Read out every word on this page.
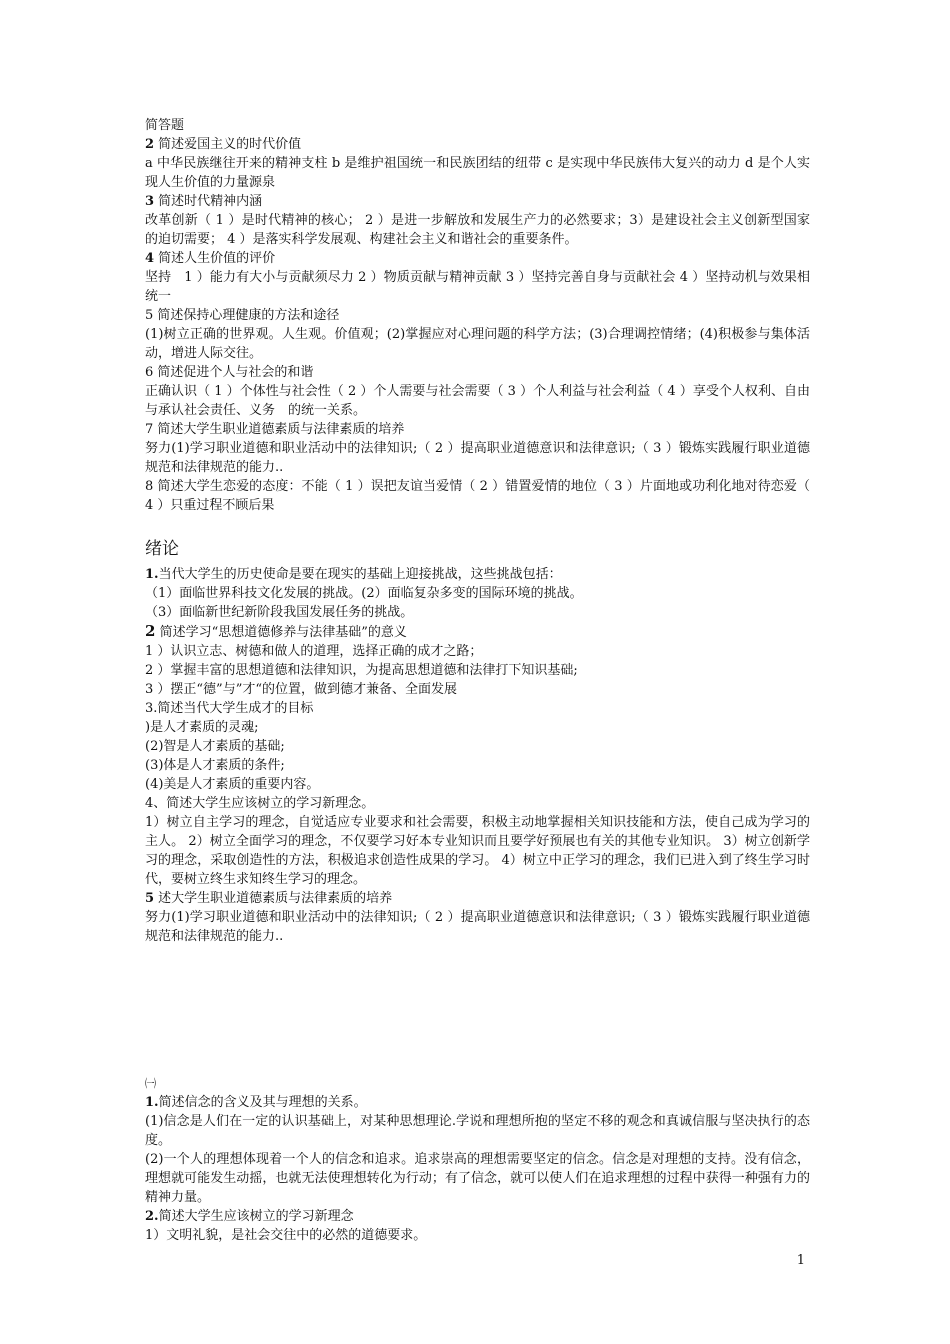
简答题
2 简述爱国主义的时代价值
a 中华民族继往开来的精神支柱 b 是维护祖国统一和民族团结的纽带 c 是实现中华民族伟大复兴的动力 d 是个人实现人生价值的力量源泉
3 简述时代精神内涵
改革创新（ 1 ）是时代精神的核心； 2 ）是进一步解放和发展生产力的必然要求；3）是建设社会主义创新型国家的迫切需要； 4 ）是落实科学发展观、构建社会主义和谐社会的重要条件。
4 简述人生价值的评价
坚持　1 ）能力有大小与贡献须尽力 2 ）物质贡献与精神贡献 3 ）坚持完善自身与贡献社会 4 ）坚持动机与效果相统一
5 简述保持心理健康的方法和途径
(1)树立正确的世界观。人生观。价值观；(2)掌握应对心理问题的科学方法；(3)合理调控情绪；(4)积极参与集体活动，增进人际交往。
6 简述促进个人与社会的和谐
正确认识（ 1 ）个体性与社会性（ 2 ）个人需要与社会需要（ 3 ）个人利益与社会利益（ 4 ）享受个人权利、自由与承认社会责任、义务　的统一关系。
7 简述大学生职业道德素质与法律素质的培养
努力(1)学习职业道德和职业活动中的法律知识;（ 2 ）提高职业道德意识和法律意识;（ 3 ）锻炼实践履行职业道德规范和法律规范的能力..
8 简述大学生恋爱的态度：不能（ 1 ）误把友谊当爱情（ 2 ）错置爱情的地位（ 3 ）片面地或功利化地对待恋爱（ 4 ）只重过程不顾后果
绪论
1.当代大学生的历史使命是要在现实的基础上迎接挑战，这些挑战包括：
（1）面临世界科技文化发展的挑战。(2）面临复杂多变的国际环境的挑战。
（3）面临新世纪新阶段我国发展任务的挑战。
2 简述学习“思想道德修养与法律基础”的意义
1 ）认识立志、树德和做人的道理，选择正确的成才之路；
2 ）掌握丰富的思想道德和法律知识，为提高思想道德和法律打下知识基础;
3 ）摆正“德”与”才“的位置，做到德才兼备、全面发展
3.简述当代大学生成才的目标
)是人才素质的灵魂;
(2)智是人才素质的基础;
(3)体是人才素质的条件;
(4)美是人才素质的重要内容。
4、简述大学生应该树立的学习新理念。
1）树立自主学习的理念，自觉适应专业要求和社会需要，积极主动地掌握相关知识技能和方法，使自己成为学习的主人。 2）树立全面学习的理念，不仅要学习好本专业知识而且要学好预展也有关的其他专业知识。 3）树立创新学习的理念，采取创造性的方法，积极追求创造性成果的学习。 4）树立中正学习的理念，我们已进入到了终生学习时代，要树立终生求知终生学习的理念。
5 述大学生职业道德素质与法律素质的培养
努力(1)学习职业道德和职业活动中的法律知识;（ 2 ）提高职业道德意识和法律意识;（ 3 ）锻炼实践履行职业道德规范和法律规范的能力..
㈠
1.简述信念的含义及其与理想的关系。
(1)信念是人们在一定的认识基础上，对某种思想理论.学说和理想所抱的坚定不移的观念和真诚信服与坚决执行的态度。
(2)一个人的理想体现着一个人的信念和追求。追求崇高的理想需要坚定的信念。信念是对理想的支持。没有信念，理想就可能发生动摇，也就无法使理想转化为行动；有了信念，就可以使人们在追求理想的过程中获得一种强有力的精神力量。
2.简述大学生应该树立的学习新理念
1）文明礼貌，是社会交往中的必然的道德要求。
1
